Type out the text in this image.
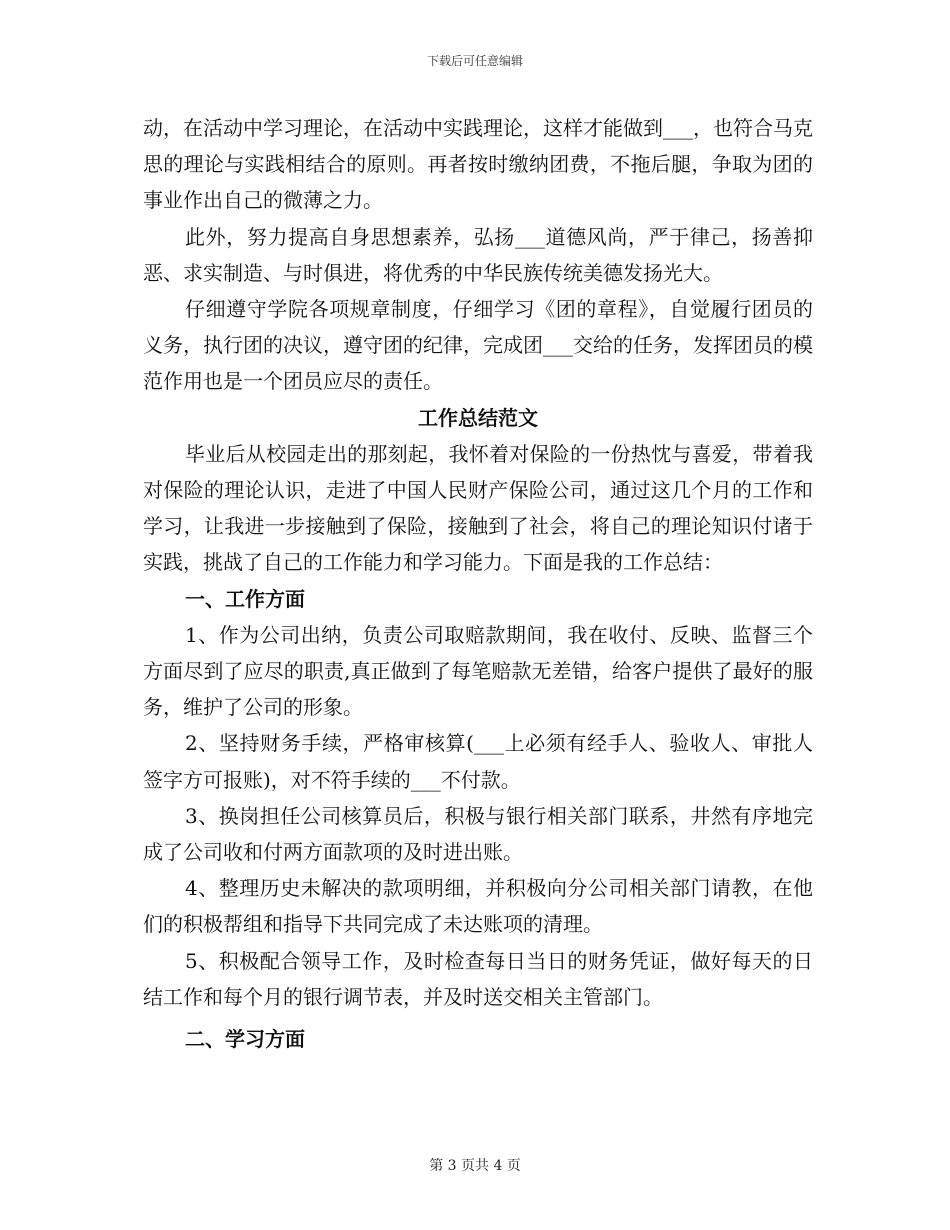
下载后可任意编辑

动，在活动中学习理论，在活动中实践理论，这样才能做到___，也符合马克思的理论与实践相结合的原则。再者按时缴纳团费，不拖后腿，争取为团的事业作出自己的微薄之力。

此外，努力提高自身思想素养，弘扬___道德风尚，严于律己，扬善抑恶、求实制造、与时俱进，将优秀的中华民族传统美德发扬光大。

仔细遵守学院各项规章制度，仔细学习《团的章程》，自觉履行团员的义务，执行团的决议，遵守团的纪律，完成团___交给的任务，发挥团员的模范作用也是一个团员应尽的责任。

工作总结范文

毕业后从校园走出的那刻起，我怀着对保险的一份热忱与喜爱，带着我对保险的理论认识，走进了中国人民财产保险公司，通过这几个月的工作和学习，让我进一步接触到了保险，接触到了社会，将自己的理论知识付诸于实践，挑战了自己的工作能力和学习能力。下面是我的工作总结：

一、工作方面

1、作为公司出纳，负责公司取赔款期间，我在收付、反映、监督三个方面尽到了应尽的职责,真正做到了每笔赔款无差错，给客户提供了最好的服务，维护了公司的形象。

2、坚持财务手续，严格审核算(___上必须有经手人、验收人、审批人签字方可报账)，对不符手续的___不付款。

3、换岗担任公司核算员后，积极与银行相关部门联系，井然有序地完成了公司收和付两方面款项的及时进出账。

4、整理历史未解决的款项明细，并积极向分公司相关部门请教，在他们的积极帮组和指导下共同完成了未达账项的清理。

5、积极配合领导工作，及时检查每日当日的财务凭证，做好每天的日结工作和每个月的银行调节表，并及时送交相关主管部门。

二、学习方面

第 3 页共 4 页
